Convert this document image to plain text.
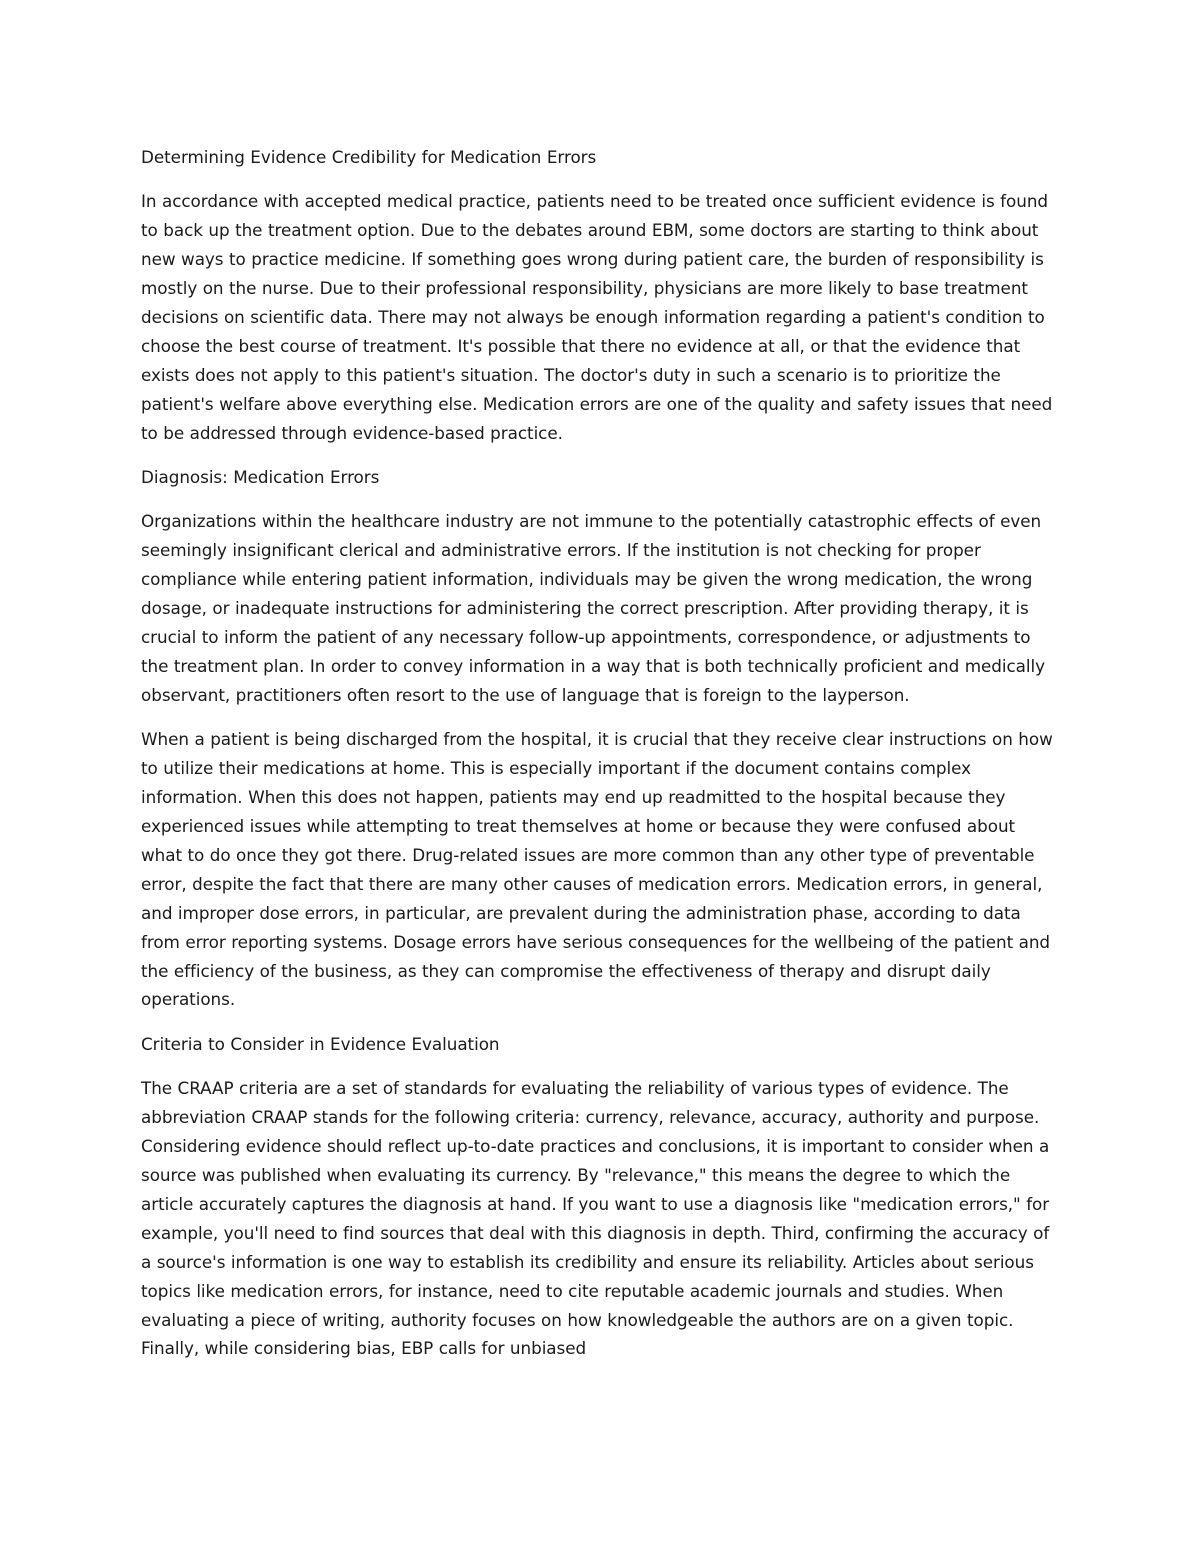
Determining Evidence Credibility for Medication Errors

In accordance with accepted medical practice, patients need to be treated once sufficient evidence is found to back up the treatment option. Due to the debates around EBM, some doctors are starting to think about new ways to practice medicine. If something goes wrong during patient care, the burden of responsibility is mostly on the nurse. Due to their professional responsibility, physicians are more likely to base treatment decisions on scientific data. There may not always be enough information regarding a patient's condition to choose the best course of treatment. It's possible that there no evidence at all, or that the evidence that exists does not apply to this patient's situation. The doctor's duty in such a scenario is to prioritize the patient's welfare above everything else. Medication errors are one of the quality and safety issues that need to be addressed through evidence-based practice.

Diagnosis: Medication Errors

Organizations within the healthcare industry are not immune to the potentially catastrophic effects of even seemingly insignificant clerical and administrative errors. If the institution is not checking for proper compliance while entering patient information, individuals may be given the wrong medication, the wrong dosage, or inadequate instructions for administering the correct prescription. After providing therapy, it is crucial to inform the patient of any necessary follow-up appointments, correspondence, or adjustments to the treatment plan. In order to convey information in a way that is both technically proficient and medically observant, practitioners often resort to the use of language that is foreign to the layperson.

When a patient is being discharged from the hospital, it is crucial that they receive clear instructions on how to utilize their medications at home. This is especially important if the document contains complex information. When this does not happen, patients may end up readmitted to the hospital because they experienced issues while attempting to treat themselves at home or because they were confused about what to do once they got there. Drug-related issues are more common than any other type of preventable error, despite the fact that there are many other causes of medication errors. Medication errors, in general, and improper dose errors, in particular, are prevalent during the administration phase, according to data from error reporting systems. Dosage errors have serious consequences for the wellbeing of the patient and the efficiency of the business, as they can compromise the effectiveness of therapy and disrupt daily operations.

Criteria to Consider in Evidence Evaluation

The CRAAP criteria are a set of standards for evaluating the reliability of various types of evidence. The abbreviation CRAAP stands for the following criteria: currency, relevance, accuracy, authority and purpose. Considering evidence should reflect up-to-date practices and conclusions, it is important to consider when a source was published when evaluating its currency. By "relevance," this means the degree to which the article accurately captures the diagnosis at hand. If you want to use a diagnosis like "medication errors," for example, you'll need to find sources that deal with this diagnosis in depth. Third, confirming the accuracy of a source's information is one way to establish its credibility and ensure its reliability. Articles about serious topics like medication errors, for instance, need to cite reputable academic journals and studies. When evaluating a piece of writing, authority focuses on how knowledgeable the authors are on a given topic. Finally, while considering bias, EBP calls for unbiased
